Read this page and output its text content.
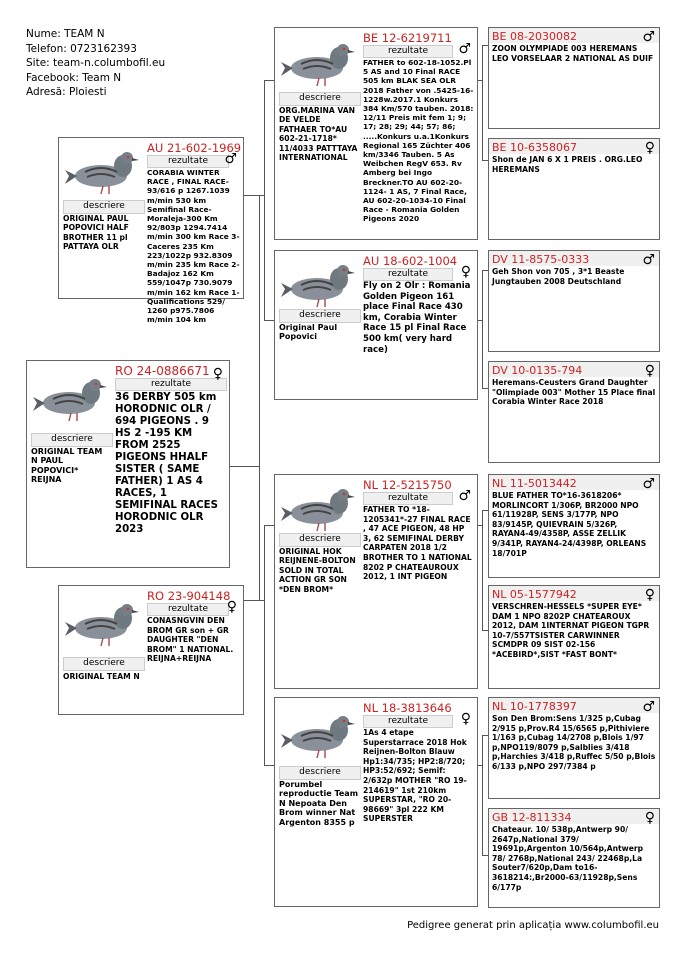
Nume: TEAM N
Telefon: 0723162393
Site: team-n.columbofil.eu
Facebook: Team N
Adresă: Ploiesti
descriere
RO 24-0886671
rezultate
♀
36 DERBY 505 km HORODNIC OLR / 694 PIGEONS . 9 HS 2 -195 KM FROM 2525 PIGEONS HHALF SISTER ( SAME FATHER) 1 AS 4 RACES, 1 SEMIFINAL RACES HORODNIC OLR 2023
ORIGINAL TEAM N PAUL POPOVICI* REIJNA
descriere
AU 21-602-1969
rezultate	♂
CORABIA WINTER RACE , FINAL RACE-93/616 p 1267.1039 m/min 530 km Semifinal Race-Moraleja-300 Km 92/803p 1294.7414 m/min 300 km Race 3-Caceres 235 Km 223/1022p 932.8309 m/min 235 km Race 2-Badajoz 162 Km 559/1047p 730.9079 m/min 162 km Race 1-Qualifications 529/ 1260 p975.7806 m/min 104 km
ORIGINAL PAUL POPOVICI HALF BROTHER 11 pl PATTAYA OLR
descriere
RO 23-904148
rezultate	♀
CONASNGVIN DEN BROM GR son + GR DAUGHTER "DEN BROM" 1 NATIONAL. REIJNA+REIJNA
ORIGINAL TEAM N
descriere
BE 12-6219711
rezultate	♂
FATHER to 602-18-1052.Pl 5 AS and 10 Final RACE 505 km BLAK SEA OLR 2018 Father von .5425-16-1228w.2017.1 Konkurs 384 Km/570 tauben. 2018: 12/11 Preis mit fem 1; 9; 17; 28; 29; 44; 57; 86; .....Konkurs u.a.1Konkurs Regional 165 Züchter 406 km/3346 Tauben. 5 As Weibchen RegV 653. Rv Amberg bei Ingo Breckner.TO AU 602-20-1124- 1 AS, 7 Final Race, AU 602-20-1034-10 Final Race - Romania Golden Pigeons 2020
ORG.MARINA VAN DE VELDE FATHAER TO*AU 602-21-1718* 11/4033 PATTTAYA INTERNATIONAL
descriere
AU 18-602-1004
rezultate	♀
Fly on 2 Olr : Romania Golden Pigeon 161 place Final Race 430 km, Corabia Winter Race 15 pl Final Race 500 km( very hard race)
Original Paul Popovici
descriere
NL 12-5215750
rezultate	♂
FATHER TO *18-1205341*-27 FINAL RACE , 47 ACE PIGEON, 48 HP 3, 62 SEMIFINAL DERBY CARPATEN 2018 1/2 BROTHER TO 1 NATIONAL 8202 P CHATEAUROUX 2012, 1 INT PIGEON
ORIGINAL HOK REIJNENE-BOLTON SOLD IN TOTAL ACTION GR SON *DEN BROM*
descriere
NL 18-3813646
rezultate	♀
1As 4 etape Superstarrace 2018 Hok Reijnen-Bolton Blauw Hp1:34/735; HP2:8/720; HP3:52/692; Semif: 2/632p MOTHER "RO 19-214619" 1st 210km SUPERSTAR, "RO 20-98669" 3pl 222 KM SUPERSTER
Porumbel reproductie Team N Nepoata Den Brom winner Nat Argenton 8355 p
BE 08-2030082	♂
ZOON OLYMPIADE 003 HEREMANS LEO VORSELAAR 2 NATIONAL AS DUIF
BE 10-6358067	♀
Shon de JAN 6 X 1 PREIS . ORG.LEO HEREMANS
DV 11-8575-0333	♂
Geh Shon von 705 , 3*1 Beaste Jungtauben 2008 Deutschland
DV 10-0135-794	♀
Heremans-Ceusters Grand Daughter "Olimpiade 003" Mother 15 Place final Corabia Winter Race 2018
NL 11-5013442	♂
BLUE FATHER TO*16-3618206* MORLINCORT 1/306P, BR2000 NPO 61/11928P, SENS 3/177P, NPO 83/9145P, QUIEVRAIN 5/326P, RAYAN4-49/4358P, ASSE ZELLIK 9/341P, RAYAN4-24/4398P, ORLEANS 18/701P
NL 05-1577942	♀
VERSCHREN-HESSELS *SUPER EYE* DAM 1 NPO 8202P CHATEAROUX 2012, DAM 1INTERNAT PIGEON TGPR 10-7/557TSISTER CARWINNER SCMDPR 09 SIST 02-156 *ACEBIRD*,SIST *FAST BONT*
NL 10-1778397	♂
Son Den Brom:Sens 1/325 p,Cubag 2/915 p,Prov.R4 15/6565 p,Pithiviere 1/163 p,Cubag 14/2708 p,Blois 1/97 p,NPO119/8079 p,Salblies 3/418 p,Harchies 3/418 p,Ruffec 5/50 p,Blois 6/133 p,NPO 297/7384 p
GB 12-811334	♀
Chateaur. 10/ 538p,Antwerp 90/ 2647p,National 379/ 19691p,Argenton 10/564p,Antwerp 78/ 2768p,National 243/ 22468p,La Souter7/620p,Dam to16-3618214:,Br2000-63/11928p,Sens 6/177p
Pedigree generat prin aplicația www.columbofil.eu
